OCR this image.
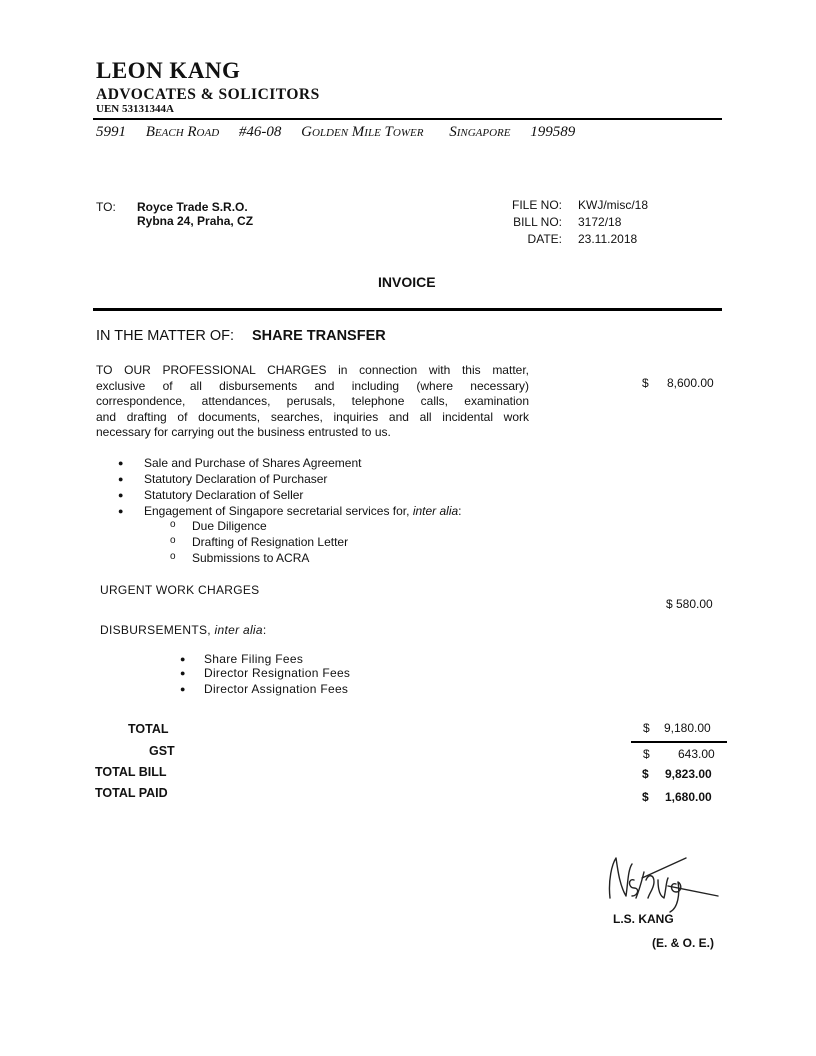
LEON KANG
ADVOCATES & SOLICITORS
UEN 53131344A
5991 Beach Road #46-08 Golden Mile Tower Singapore 199589
TO: Royce Trade S.R.O.
Rybna 24, Praha, CZ
FILE NO: KWJ/misc/18
BILL NO: 3172/18
DATE: 23.11.2018
INVOICE
IN THE MATTER OF: SHARE TRANSFER
TO OUR PROFESSIONAL CHARGES in connection with this matter,
exclusive of all disbursements and including (where necessary)
correspondence, attendances, perusals, telephone calls, examination
and drafting of documents, searches, inquiries and all incidental work
necessary for carrying out the business entrusted to us.
$ 8,600.00
● Sale and Purchase of Shares Agreement
● Statutory Declaration of Purchaser
● Statutory Declaration of Seller
● Engagement of Singapore secretarial services for, inter alia:
o Due Diligence
o Drafting of Resignation Letter
o Submissions to ACRA
URGENT WORK CHARGES
$ 580.00
DISBURSEMENTS, inter alia:
● Share Filing Fees
● Director Resignation Fees
● Director Assignation Fees
TOTAL	$ 9,180.00
GST	$ 643.00
TOTAL BILL	$ 9,823.00
TOTAL PAID	$ 1,680.00
L.S. KANG
(E. & O. E.)
